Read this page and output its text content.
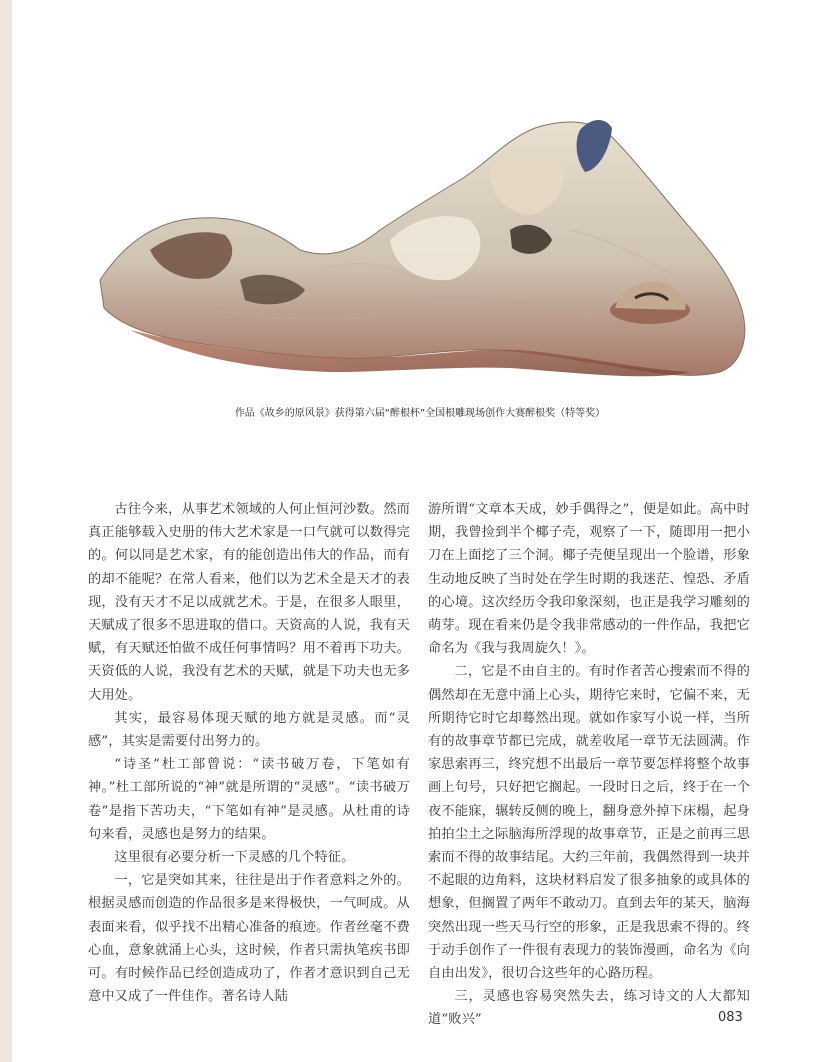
作品《故乡的原风景》获得第六届“醉根杯”全国根雕现场创作大赛醉根奖（特等奖）

古往今来，从事艺术领域的人何止恒河沙数。然而真正能够载入史册的伟大艺术家是一口气就可以数得完的。何以同是艺术家，有的能创造出伟大的作品，而有的却不能呢？在常人看来，他们以为艺术全是天才的表现，没有天才不足以成就艺术。于是，在很多人眼里，天赋成了很多不思进取的借口。天资高的人说，我有天赋，有天赋还怕做不成任何事情吗？用不着再下功夫。天资低的人说，我没有艺术的天赋，就是下功夫也无多大用处。

其实，最容易体现天赋的地方就是灵感。而“灵感”，其实是需要付出努力的。

“诗圣”杜工部曾说：“读书破万卷，下笔如有神。”杜工部所说的“神”就是所谓的“灵感”。“读书破万卷”是指下苦功夫，“下笔如有神”是灵感。从杜甫的诗句来看，灵感也是努力的结果。

这里很有必要分析一下灵感的几个特征。

一，它是突如其来，往往是出于作者意料之外的。根据灵感而创造的作品很多是来得极快，一气呵成。从表面来看，似乎找不出精心准备的痕迹。作者丝毫不费心血，意象就涌上心头，这时候，作者只需执笔疾书即可。有时候作品已经创造成功了，作者才意识到自己无意中又成了一件佳作。著名诗人陆

游所谓“文章本天成，妙手偶得之”，便是如此。高中时期，我曾捡到半个椰子壳，观察了一下，随即用一把小刀在上面挖了三个洞。椰子壳便呈现出一个脸谱，形象生动地反映了当时处在学生时期的我迷茫、惶恐、矛盾的心境。这次经历令我印象深刻，也正是我学习雕刻的萌芽。现在看来仍是令我非常感动的一件作品，我把它命名为《我与我周旋久！》。

二，它是不由自主的。有时作者苦心搜索而不得的偶然却在无意中涌上心头，期待它来时，它偏不来，无所期待它时它却蓦然出现。就如作家写小说一样，当所有的故事章节都已完成，就差收尾一章节无法圆满。作家思索再三，终究想不出最后一章节要怎样将整个故事画上句号，只好把它搁起。一段时日之后，终于在一个夜不能寐，辗转反侧的晚上，翻身意外掉下床榻，起身拍拍尘土之际脑海所浮现的故事章节，正是之前再三思索而不得的故事结尾。大约三年前，我偶然得到一块并不起眼的边角料，这块材料启发了很多抽象的或具体的想象，但搁置了两年不敢动刀。直到去年的某天，脑海突然出现一些天马行空的形象，正是我思索不得的。终于动手创作了一件很有表现力的装饰漫画，命名为《向自由出发》，很切合这些年的心路历程。

三，灵感也容易突然失去，练习诗文的人大都知道“败兴”	083
